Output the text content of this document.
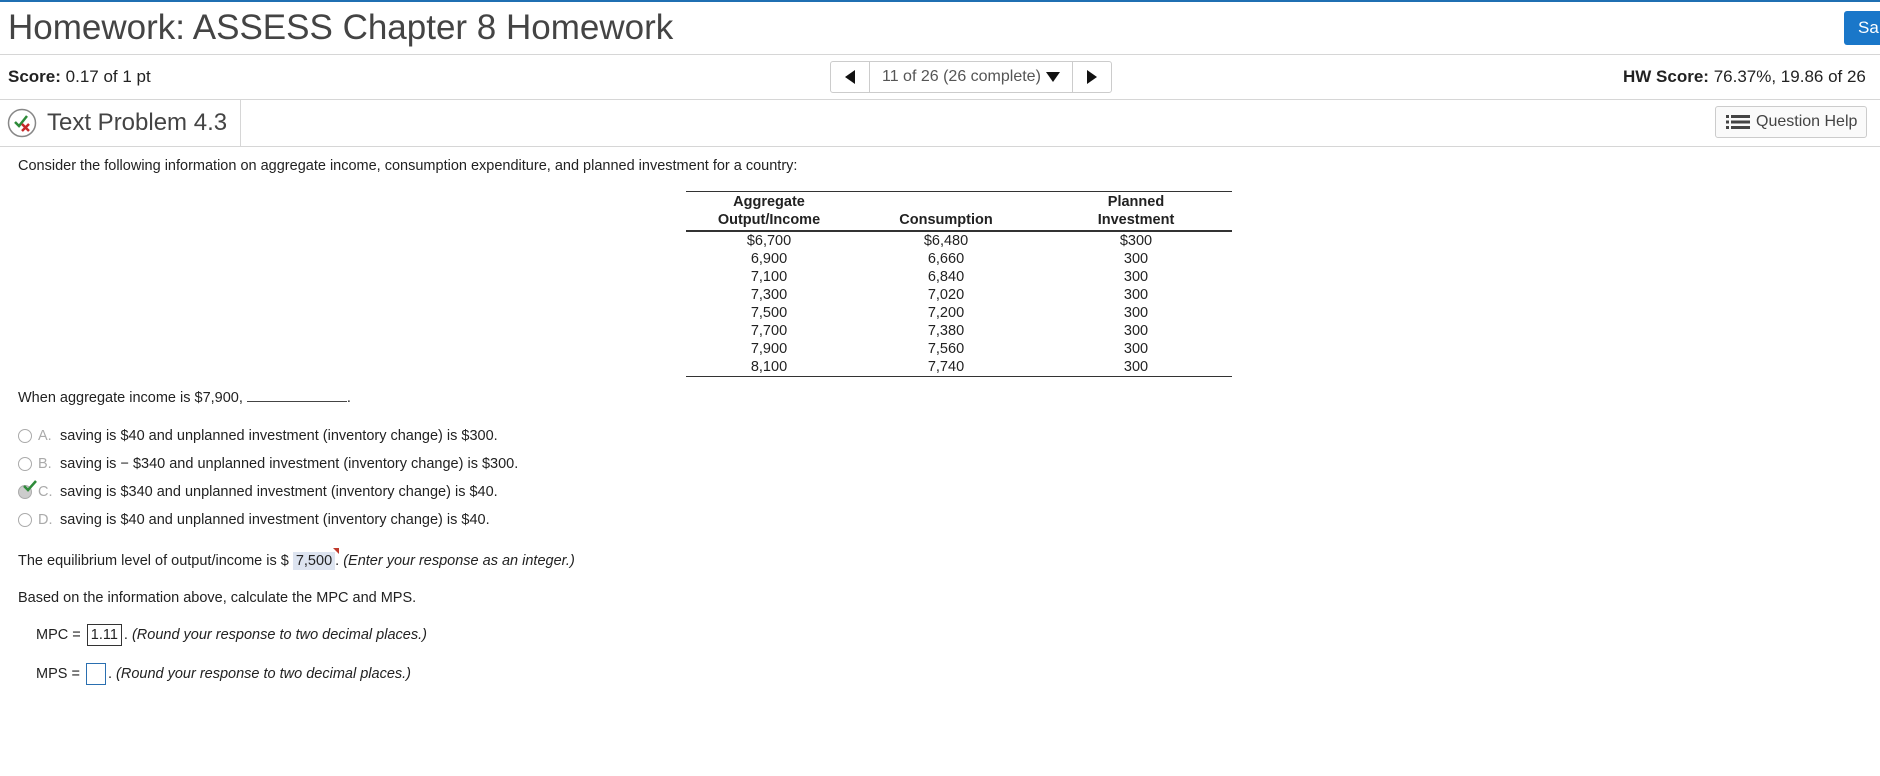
Homework: ASSESS Chapter 8 Homework	Sa
Score: 0.17 of 1 pt	11 of 26 (26 complete)	HW Score: 76.37%, 19.86 of 26
Text Problem 4.3	Question Help
Consider the following information on aggregate income, consumption expenditure, and planned investment for a country:
Aggregate
Output/Income	Consumption	Planned
Investment
$6,700	$6,480	$300
6,900	6,660	300
7,100	6,840	300
7,300	7,020	300
7,500	7,200	300
7,700	7,380	300
7,900	7,560	300
8,100	7,740	300
When aggregate income is $7,900,	.
A. saving is $40 and unplanned investment (inventory change) is $300.
B. saving is − $340 and unplanned investment (inventory change) is $300.
C. saving is $340 and unplanned investment (inventory change) is $40.
D. saving is $40 and unplanned investment (inventory change) is $40.
The equilibrium level of output/income is $ 7,500 . (Enter your response as an integer.)
Based on the information above, calculate the MPC and MPS.
MPC =
1.11 . (Round your response to two decimal places.)
MPS =
. (Round your response to two decimal places.)
